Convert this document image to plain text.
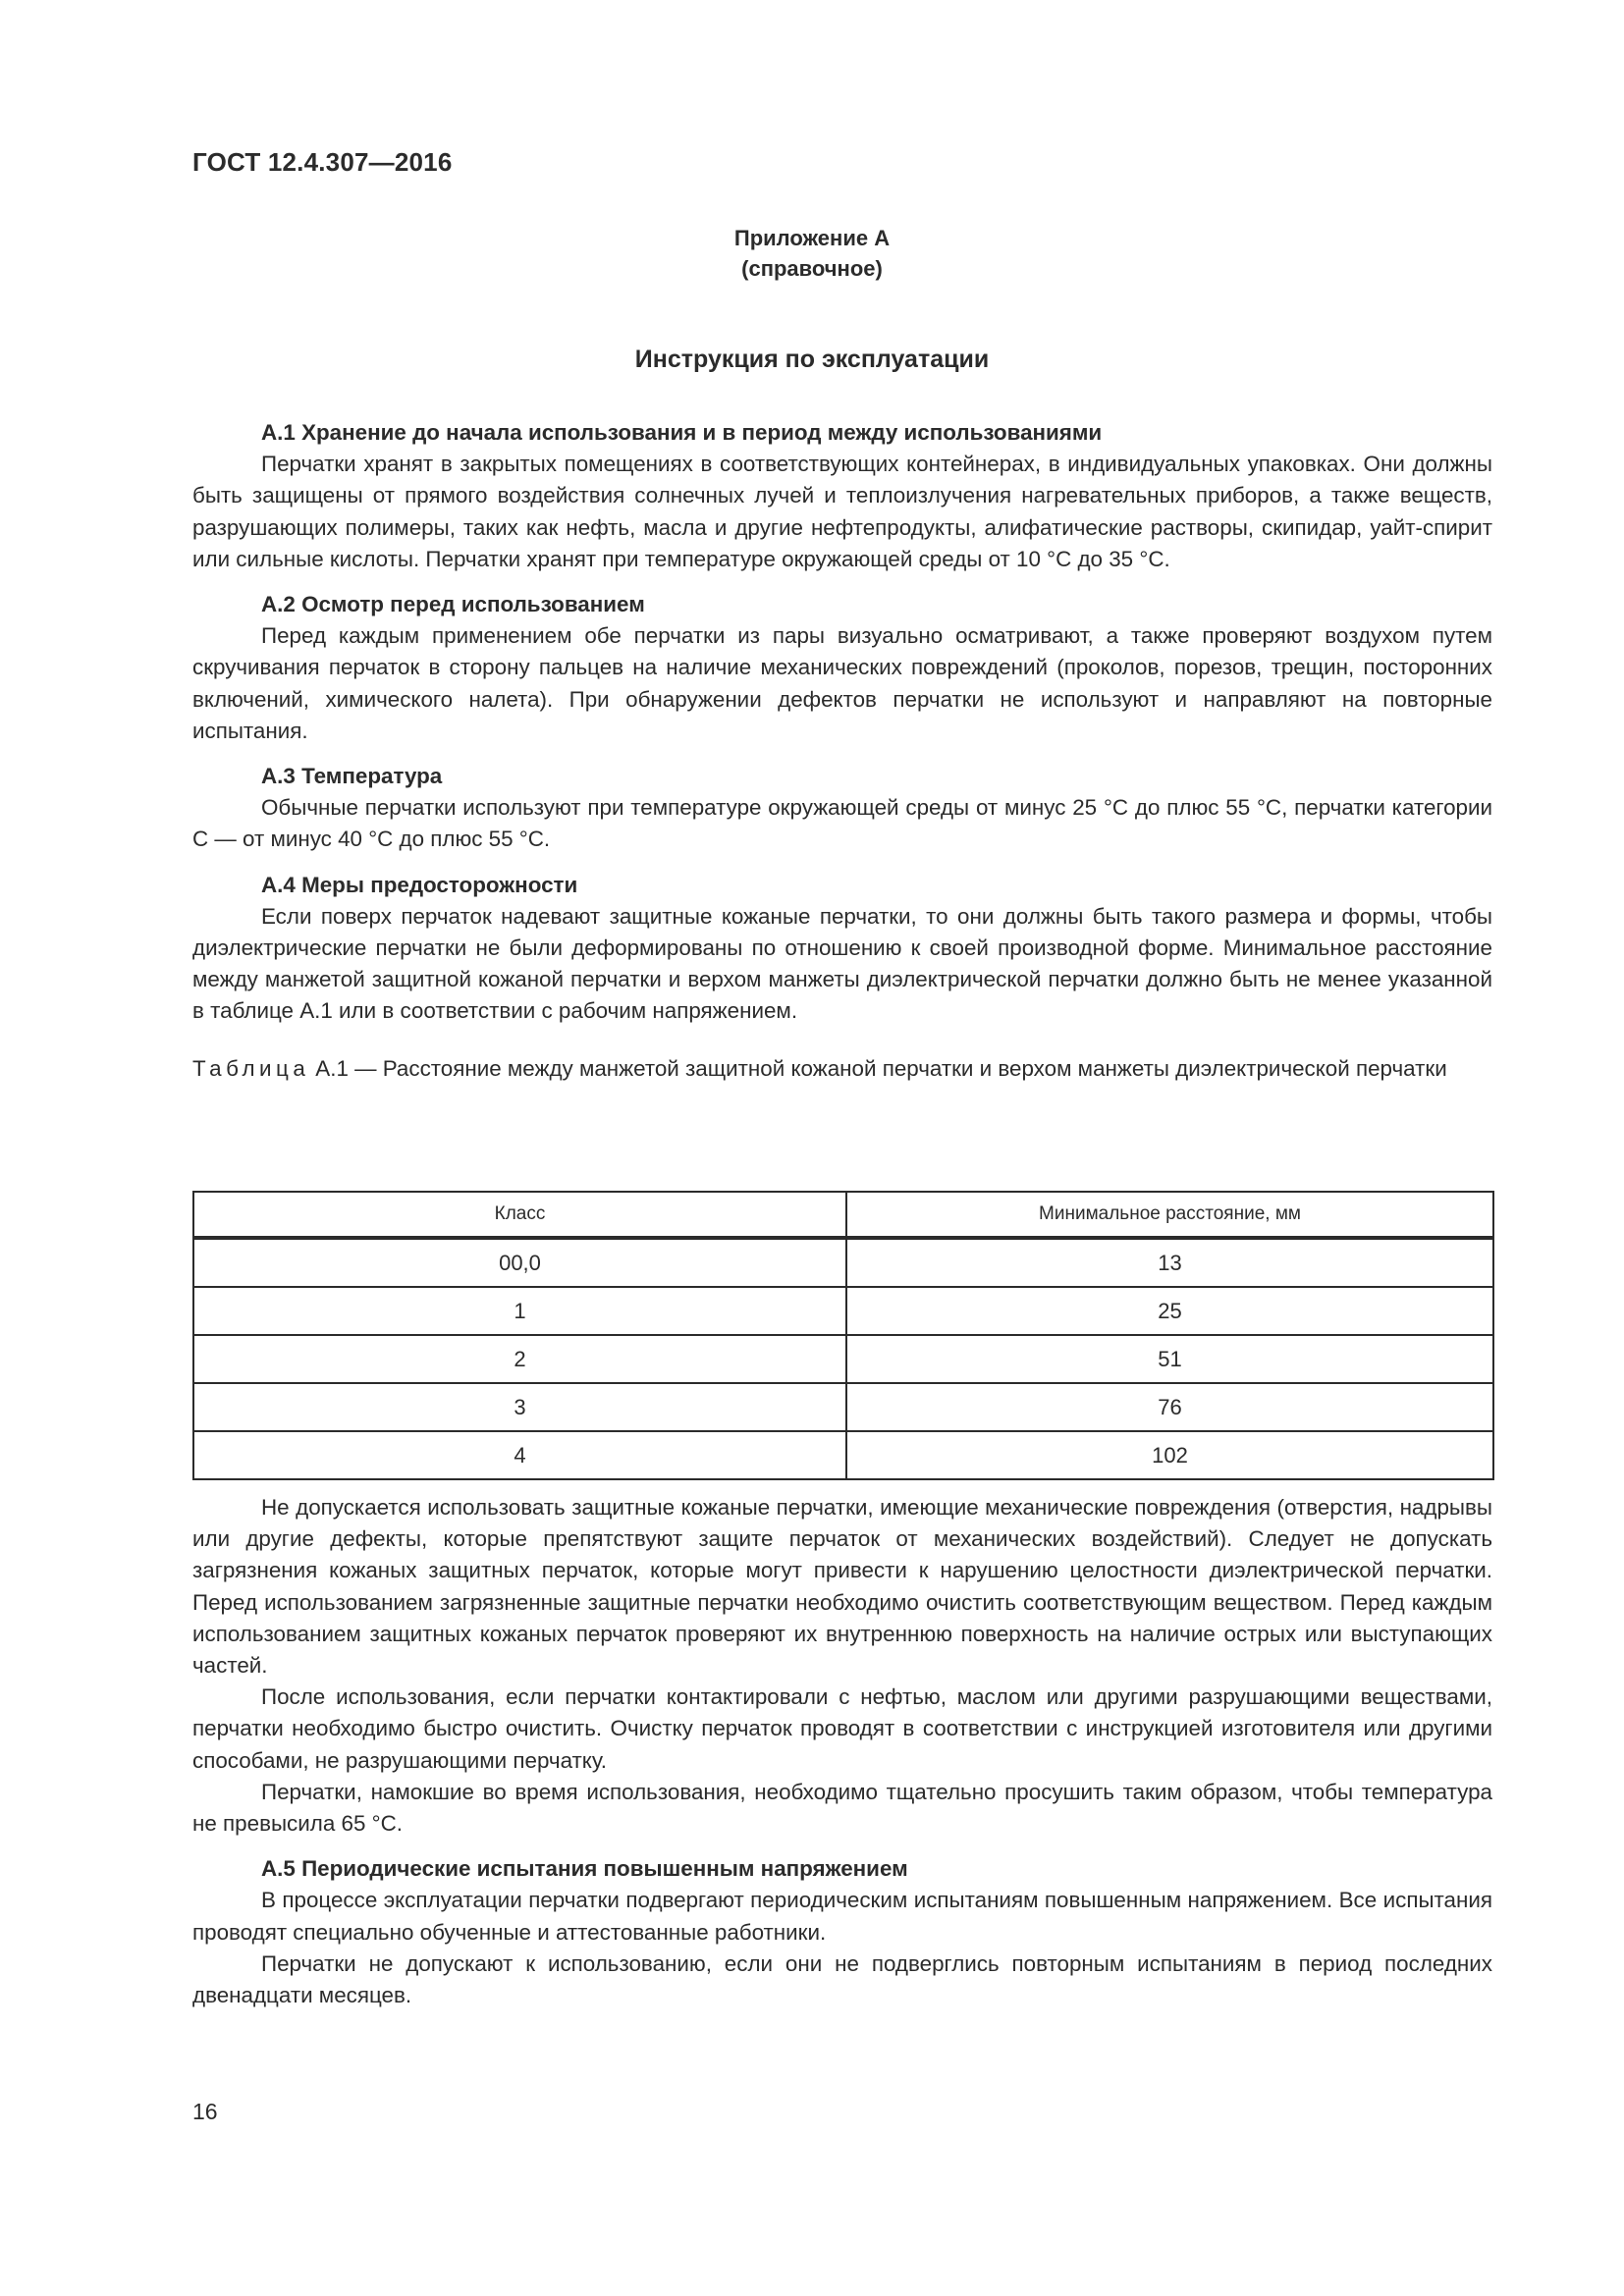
ГОСТ 12.4.307—2016
Приложение А
(справочное)
Инструкция по эксплуатации

А.1 Хранение до начала использования и в период между использованиями

Перчатки хранят в закрытых помещениях в соответствующих контейнерах, в индивидуальных упаковках. Они должны быть защищены от прямого воздействия солнечных лучей и теплоизлучения нагревательных приборов, а также веществ, разрушающих полимеры, таких как нефть, масла и другие нефтепродукты, алифатические растворы, скипидар, уайт-спирит или сильные кислоты. Перчатки хранят при температуре окружающей среды от 10 °С до 35 °С.

А.2 Осмотр перед использованием

Перед каждым применением обе перчатки из пары визуально осматривают, а также проверяют воздухом путем скручивания перчаток в сторону пальцев на наличие механических повреждений (проколов, порезов, трещин, посторонних включений, химического налета). При обнаружении дефектов перчатки не используют и направляют на повторные испытания.

А.3 Температура

Обычные перчатки используют при температуре окружающей среды от минус 25 °С до плюс 55 °С, перчатки категории С — от минус 40 °С до плюс 55 °С.

А.4 Меры предосторожности

Если поверх перчаток надевают защитные кожаные перчатки, то они должны быть такого размера и формы, чтобы диэлектрические перчатки не были деформированы по отношению к своей производной форме. Минимальное расстояние между манжетой защитной кожаной перчатки и верхом манжеты диэлектрической перчатки должно быть не менее указанной в таблице А.1 или в соответствии с рабочим напряжением.

Таблица А.1 — Расстояние между манжетой защитной кожаной перчатки и верхом манжеты диэлектрической перчатки

Класс	Минимальное расстояние, мм
00,0	13
1	25
2	51
3	76
4	102

Не допускается использовать защитные кожаные перчатки, имеющие механические повреждения (отверстия, надрывы или другие дефекты, которые препятствуют защите перчаток от механических воздействий). Следует не допускать загрязнения кожаных защитных перчаток, которые могут привести к нарушению целостности диэлектрической перчатки. Перед использованием загрязненные защитные перчатки необходимо очистить соответствующим веществом. Перед каждым использованием защитных кожаных перчаток проверяют их внутреннюю поверхность на наличие острых или выступающих частей.

После использования, если перчатки контактировали с нефтью, маслом или другими разрушающими веществами, перчатки необходимо быстро очистить. Очистку перчаток проводят в соответствии с инструкцией изготовителя или другими способами, не разрушающими перчатку.

Перчатки, намокшие во время использования, необходимо тщательно просушить таким образом, чтобы температура не превысила 65 °С.

А.5 Периодические испытания повышенным напряжением

В процессе эксплуатации перчатки подвергают периодическим испытаниям повышенным напряжением. Все испытания проводят специально обученные и аттестованные работники.

Перчатки не допускают к использованию, если они не подверглись повторным испытаниям в период последних двенадцати месяцев.

16
